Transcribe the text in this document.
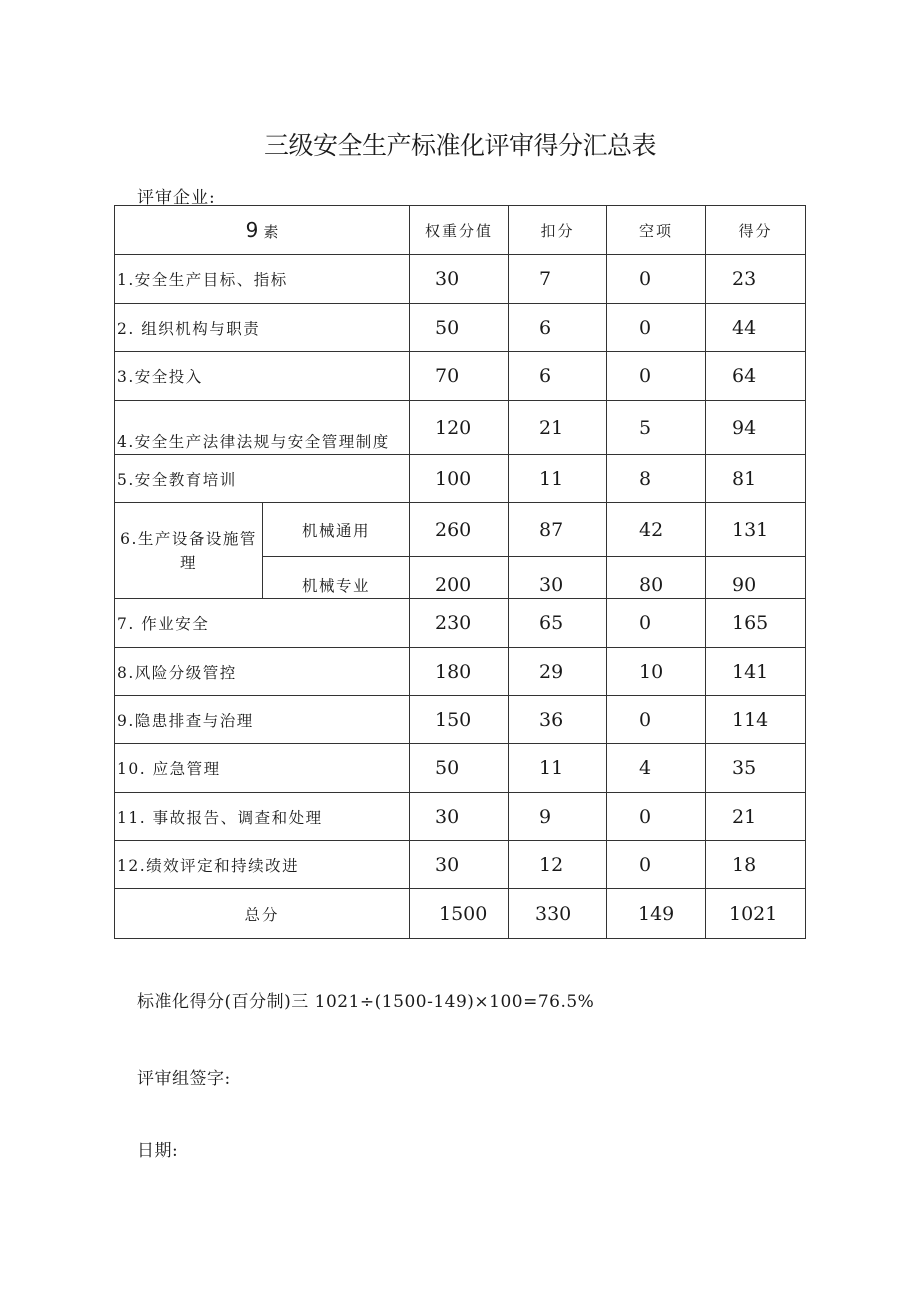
三级安全生产标准化评审得分汇总表
评审企业:
9 素		权重分值	扣分	空项	得分
1.安全生产目标、指标		30	7	0	23
2. 组织机构与职责		50	6	0	44
3.安全投入		70	6	0	64
4.安全生产法律法规与安全管理制度		120	21	5	94
5.安全教育培训		100	11	8	81
6.生产设备设施管理	机械通用	260	87	42	131
	机械专业	200	30	80	90
7. 作业安全		230	65	0	165
8.风险分级管控		180	29	10	141
9.隐患排查与治理		150	36	0	114
10. 应急管理		50	11	4	35
11. 事故报告、调查和处理		30	9	0	21
12.绩效评定和持续改进		30	12	0	18
总分		1500	330	149	1021
标准化得分(百分制)三 1021÷(1500-149)×100=76.5%
评审组签字:
日期:
